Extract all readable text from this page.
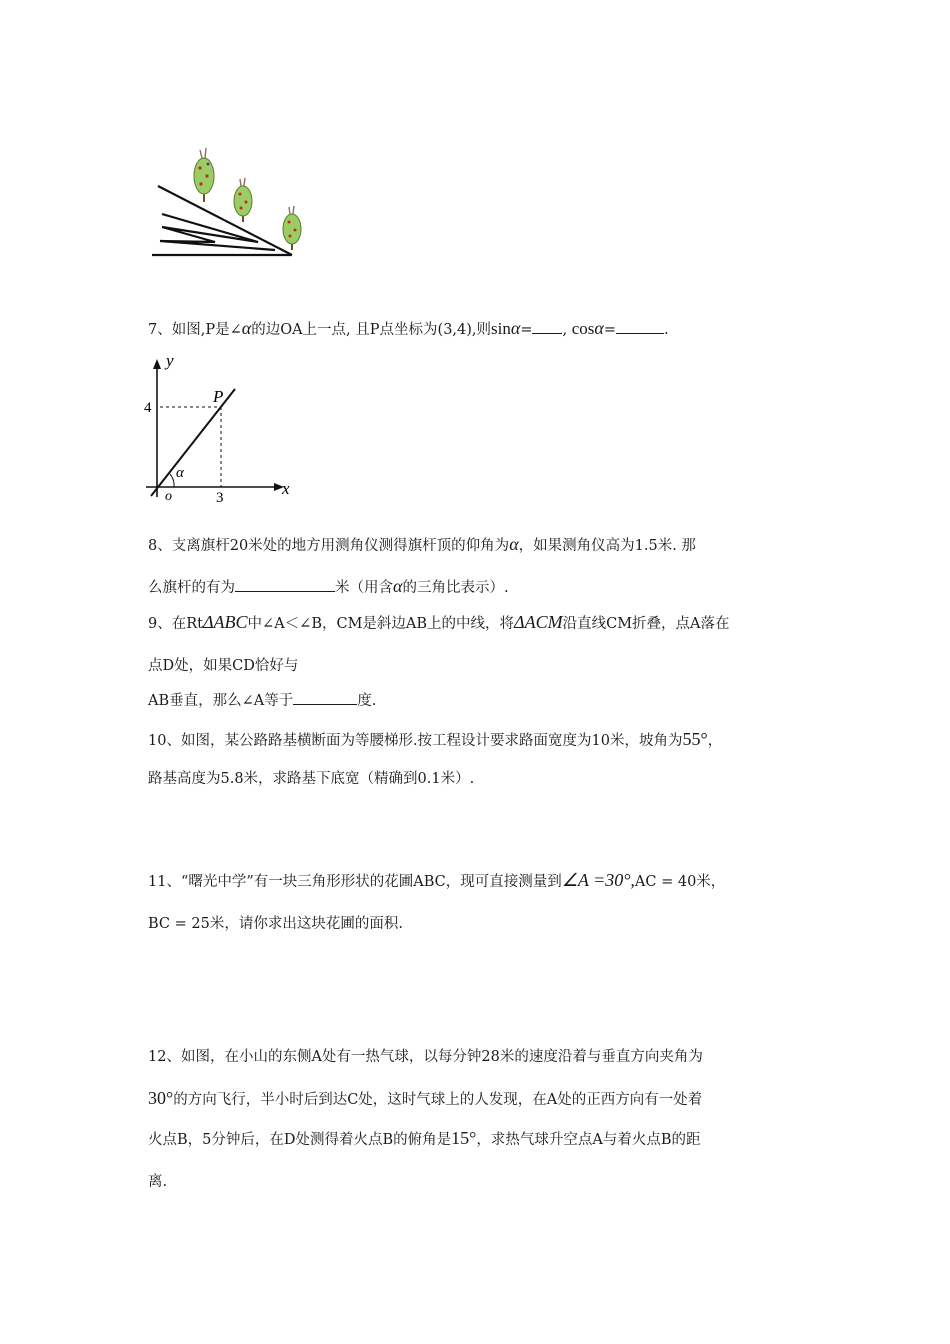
7、如图,P是∠α的边OA上一点, 且P点坐标为(3,4),则sinα= , cosα=	.
y
x
P
o
α
4
3
8、支离旗杆20米处的地方用测角仪测得旗杆顶的仰角为α，如果测角仪高为1.5米. 那
么旗杆的有为	米（用含α的三角比表示）.
9、在RtΔABC中∠A＜∠B，CM是斜边AB上的中线，将ΔACM沿直线CM折叠，点A落在
点D处，如果CD恰好与
AB垂直，那么∠A等于	度.
10、如图，某公路路基横断面为等腰梯形.按工程设计要求路面宽度为10米，坡角为55°，
路基高度为5.8米，求路基下底宽（精确到0.1米）.
11、“曙光中学”有一块三角形形状的花圃ABC，现可直接测量到∠A =30°,AC = 40米，
BC = 25米，请你求出这块花圃的面积.
12、如图，在小山的东侧A处有一热气球，以每分钟28米的速度沿着与垂直方向夹角为
30°的方向飞行，半小时后到达C处，这时气球上的人发现，在A处的正西方向有一处着
火点B，5分钟后，在D处测得着火点B的俯角是15°，求热气球升空点A与着火点B的距
离.
